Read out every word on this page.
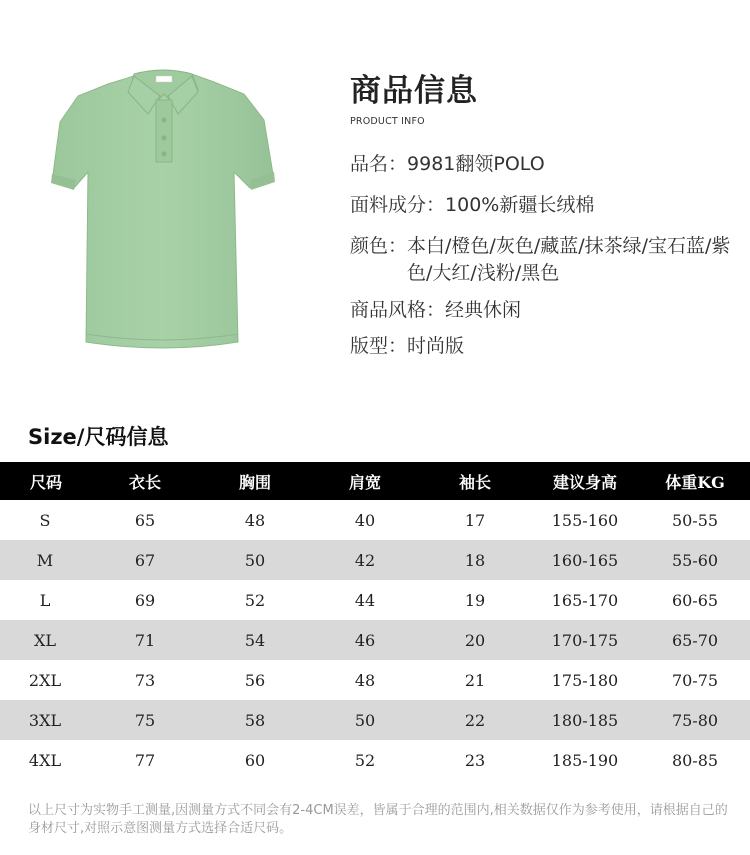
商品信息
PRODUCT INFO
品名： 9981翻领POLO
面料成分： 100%新疆长绒棉
颜色： 本白/橙色/灰色/藏蓝/抹茶绿/宝石蓝/紫色/大红/浅粉/黑色
商品风格： 经典休闲
版型： 时尚版
Size/尺码信息
尺码	衣长	胸围	肩宽	袖长	建议身高	体重KG
S	65	48	40	17	155-160	50-55
M	67	50	42	18	160-165	55-60
L	69	52	44	19	165-170	60-65
XL	71	54	46	20	170-175	65-70
2XL	73	56	48	21	175-180	70-75
3XL	75	58	50	22	180-185	75-80
4XL	77	60	52	23	185-190	80-85
以上尺寸为实物手工测量,因测量方式不同会有2-4CM误差，皆属于合理的范围内,相关数据仅作为参考使用，请根据自己的身材尺寸,对照示意图测量方式选择合适尺码。
